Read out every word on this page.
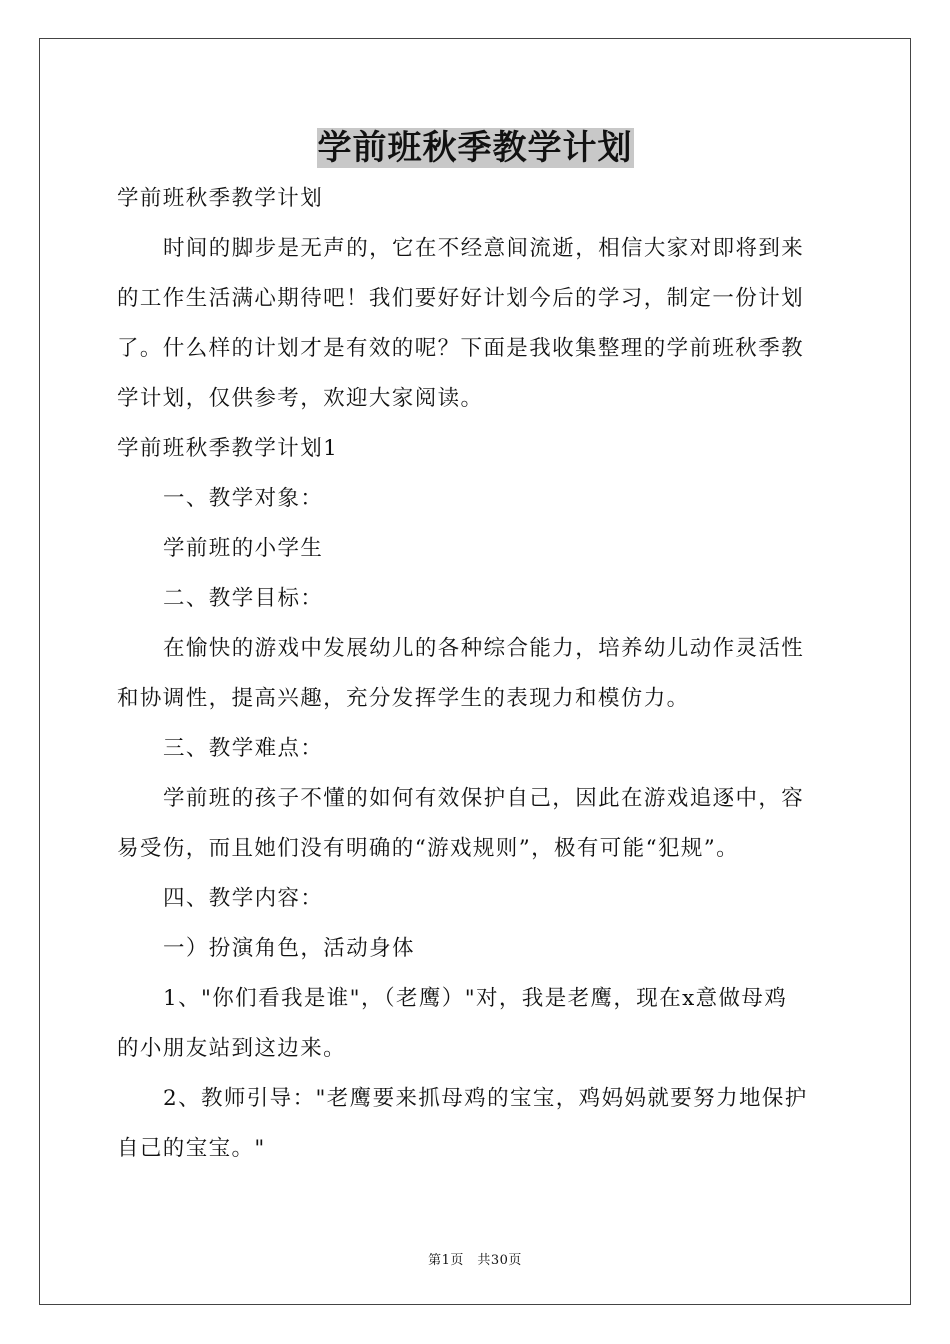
学前班秋季教学计划
学前班秋季教学计划
时间的脚步是无声的，它在不经意间流逝，相信大家对即将到来
的工作生活满心期待吧！我们要好好计划今后的学习，制定一份计划
了。什么样的计划才是有效的呢？下面是我收集整理的学前班秋季教
学计划，仅供参考，欢迎大家阅读。
学前班秋季教学计划1
一、教学对象：
学前班的小学生
二、教学目标：
在愉快的游戏中发展幼儿的各种综合能力，培养幼儿动作灵活性
和协调性，提高兴趣，充分发挥学生的表现力和模仿力。
三、教学难点：
学前班的孩子不懂的如何有效保护自己，因此在游戏追逐中，容
易受伤，而且她们没有明确的“游戏规则”，极有可能“犯规”。
四、教学内容：
一）扮演角色，活动身体
1、"你们看我是谁"，（老鹰）"对，我是老鹰，现在x意做母鸡
的小朋友站到这边来。
2、教师引导："老鹰要来抓母鸡的宝宝，鸡妈妈就要努力地保护
自己的宝宝。"
第1页　共30页
